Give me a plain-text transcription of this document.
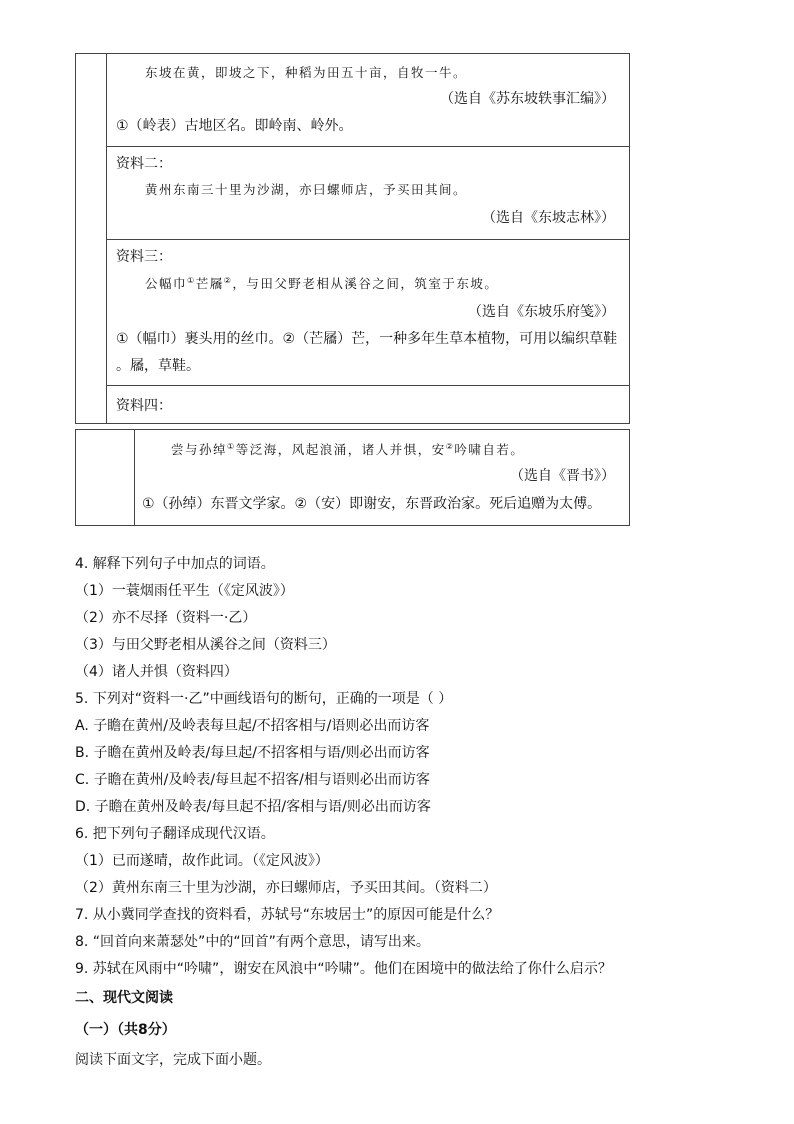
东坡在黄，即坡之下，种稻为田五十亩，自牧一牛。
（选自《苏东坡轶事汇编》）
①（岭表）古地区名。即岭南、岭外。
资料二：
黄州东南三十里为沙湖，亦曰螺师店，予买田其间。
（选自《东坡志林》）
资料三：
公幅巾①芒屩②，与田父野老相从溪谷之间，筑室于东坡。
（选自《东坡乐府笺》）
①（幅巾）裹头用的丝巾。②（芒屩）芒，一种多年生草本植物，可用以编织草鞋
。屩，草鞋。
资料四：
尝与孙绰①等泛海，风起浪涌，诸人并惧，安②吟啸自若。
（选自《晋书》）
①（孙绰）东晋文学家。②（安）即谢安，东晋政治家。死后追赠为太傅。
4. 解释下列句子中加点的词语。
（1）一蓑烟雨任平生（《定风波》）
（2）亦不尽择（资料一·乙）
（3）与田父野老相从溪谷之间（资料三）
（4）诸人并惧（资料四）
5. 下列对“资料一·乙”中画线语句的断句，正确的一项是（ ）
A. 子瞻在黄州/及岭表每旦起/不招客相与/语则必出而访客
B. 子瞻在黄州及岭表/每旦起/不招客相与语/则必出而访客
C. 子瞻在黄州/及岭表/每旦起不招客/相与语则必出而访客
D. 子瞻在黄州及岭表/每旦起不招/客相与语/则必出而访客
6. 把下列句子翻译成现代汉语。
（1）已而遂晴，故作此词。（《定风波》）
（2）黄州东南三十里为沙湖，亦曰螺师店，予买田其间。（资料二）
7. 从小冀同学查找的资料看，苏轼号“东坡居士”的原因可能是什么？
8. “回首向来萧瑟处”中的“回首”有两个意思，请写出来。
9. 苏轼在风雨中“吟啸”，谢安在风浪中“吟啸”。他们在困境中的做法给了你什么启示？
二、现代文阅读
（一）（共8分）
阅读下面文字，完成下面小题。
